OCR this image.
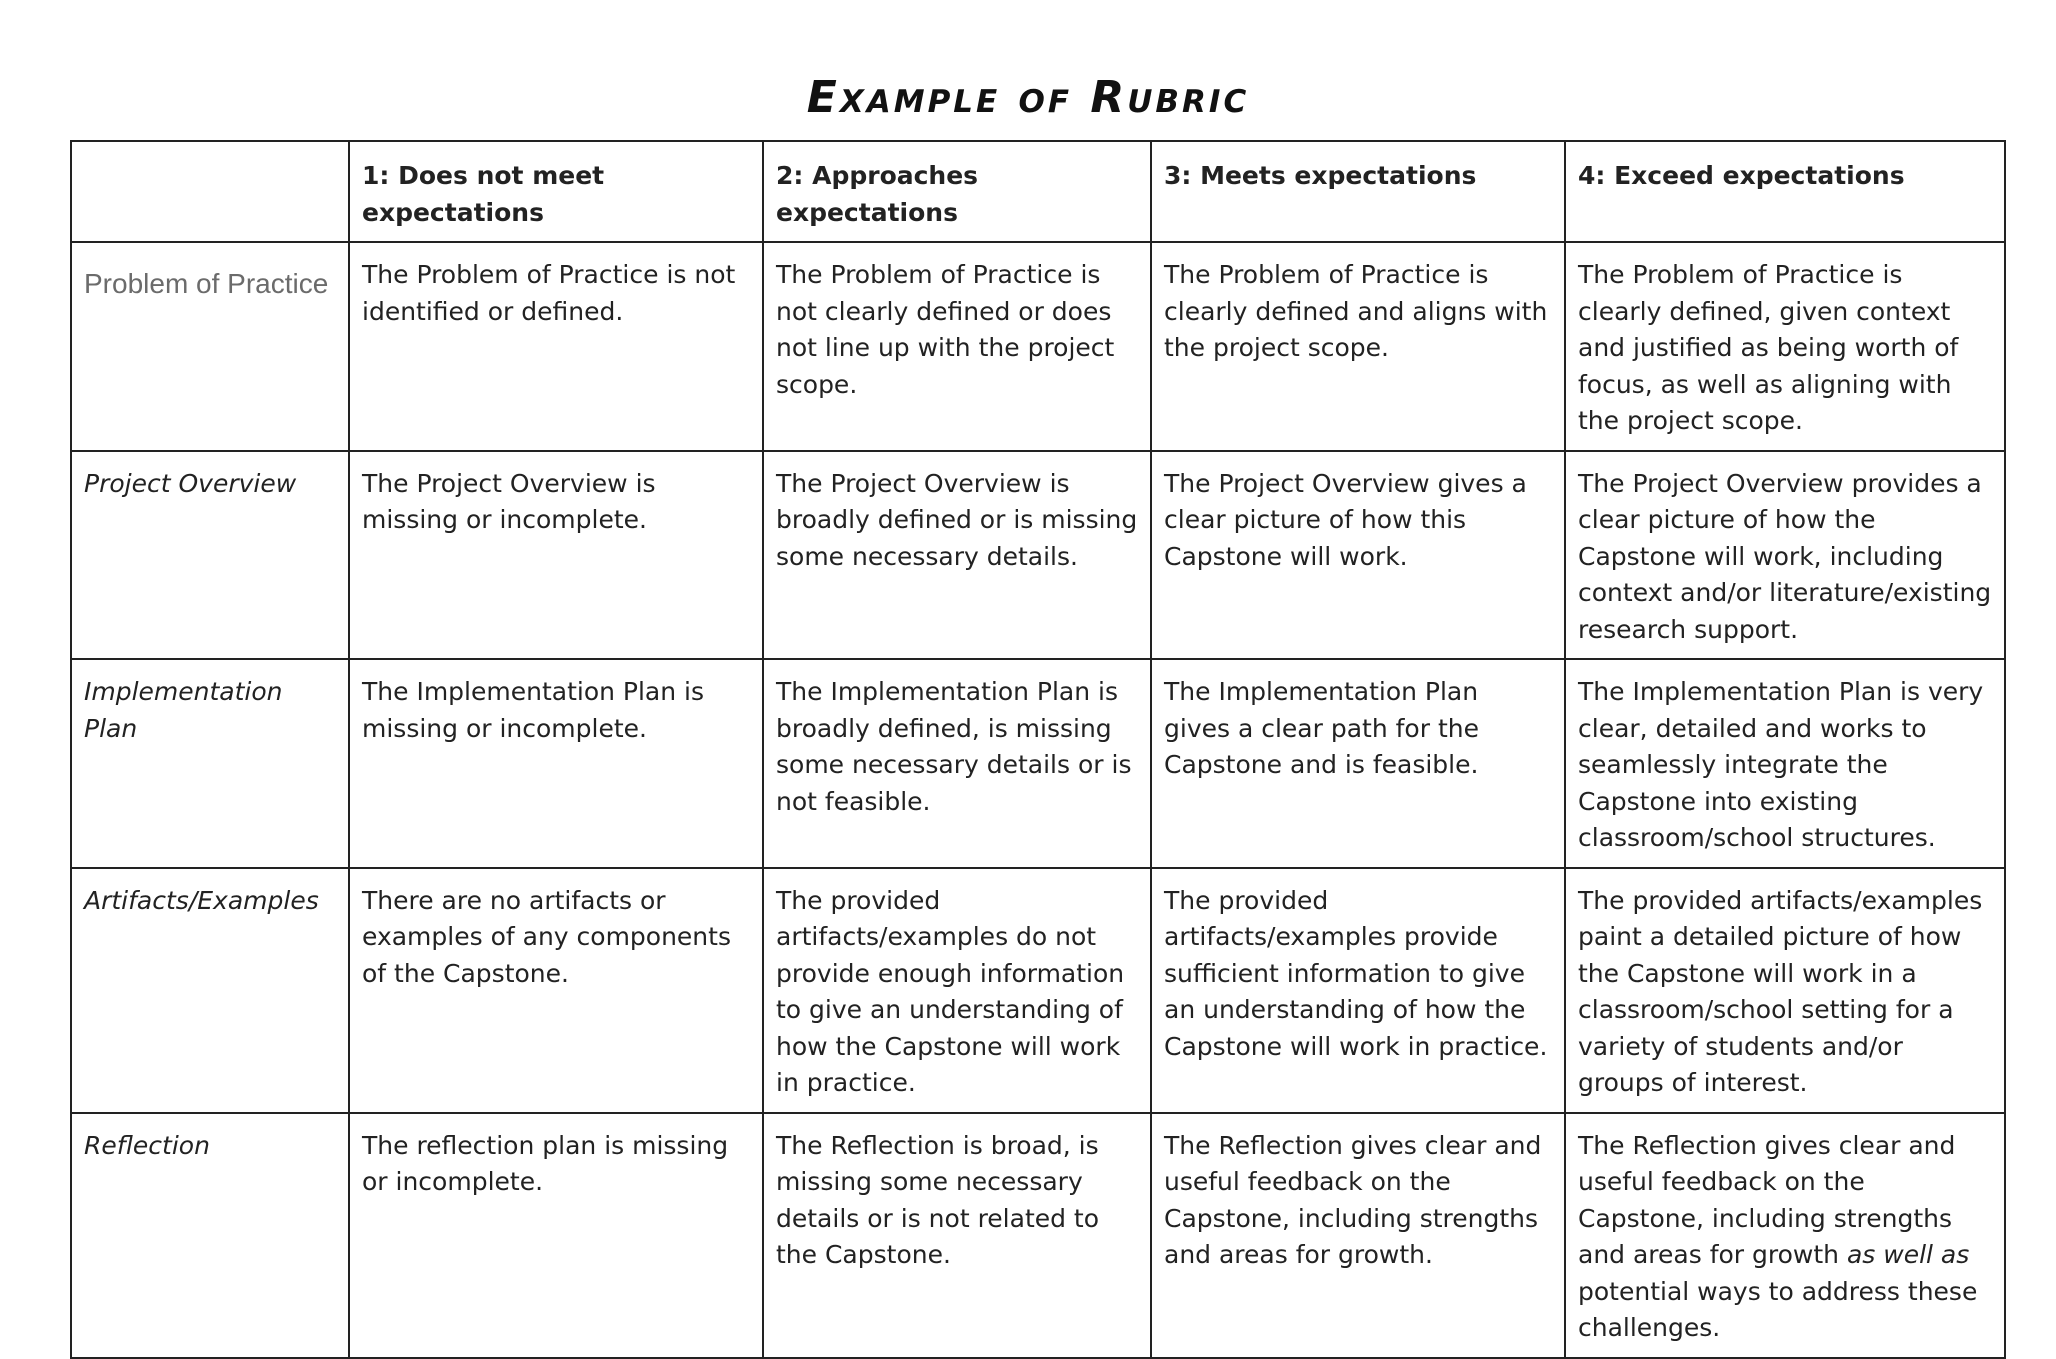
Example of Rubric
	1: Does not meet expectations	2: Approaches expectations	3: Meets expectations	4: Exceed expectations
Problem of Practice	The Problem of Practice is not identified or defined.	The Problem of Practice is not clearly defined or does not line up with the project scope.	The Problem of Practice is clearly defined and aligns with the project scope.	The Problem of Practice is clearly defined, given context and justified as being worth of focus, as well as aligning with the project scope.
Project Overview	The Project Overview is missing or incomplete.	The Project Overview is broadly defined or is missing some necessary details.	The Project Overview gives a clear picture of how this Capstone will work.	The Project Overview provides a clear picture of how the Capstone will work, including context and/or literature/existing research support.
Implementation Plan	The Implementation Plan is missing or incomplete.	The Implementation Plan is broadly defined, is missing some necessary details or is not feasible.	The Implementation Plan gives a clear path for the Capstone and is feasible.	The Implementation Plan is very clear, detailed and works to seamlessly integrate the Capstone into existing classroom/school structures.
Artifacts/Examples	There are no artifacts or examples of any components of the Capstone.	The provided artifacts/examples do not provide enough information to give an understanding of how the Capstone will work in practice.	The provided artifacts/examples provide sufficient information to give an understanding of how the Capstone will work in practice.	The provided artifacts/examples paint a detailed picture of how the Capstone will work in a classroom/school setting for a variety of students and/or groups of interest.
Reflection	The reflection plan is missing or incomplete.	The Reflection is broad, is missing some necessary details or is not related to the Capstone.	The Reflection gives clear and useful feedback on the Capstone, including strengths and areas for growth.	The Reflection gives clear and useful feedback on the Capstone, including strengths and areas for growth as well as potential ways to address these challenges.
